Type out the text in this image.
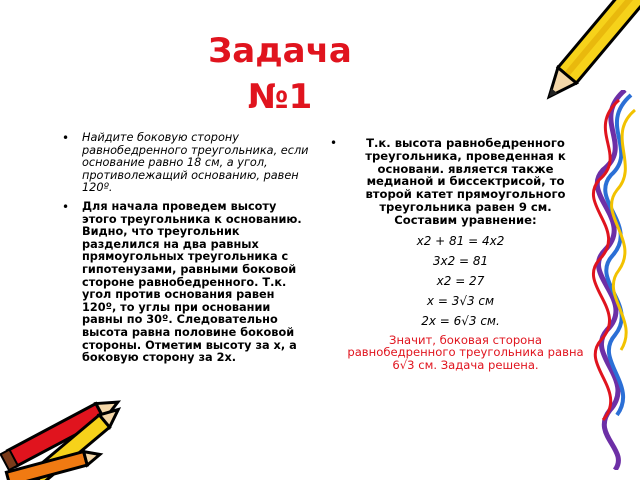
Задача
№1
• Найдите боковую сторону равнобедренного треугольника, если основание равно 18 см, а угол, противолежащий основанию, равен 120º.
• Для начала проведем высоту этого треугольника к основанию. Видно, что треугольник разделился на два равных прямоугольных треугольника с гипотенузами, равными боковой стороне равнобедренного. Т.к. угол против основания равен 120º, то углы при основании равны по 30º. Следовательно высота равна половине боковой стороны. Отметим высоту за x, а боковую сторону за 2x.
•	Т.к. высота равнобедренного треугольника, проведенная к основани. является также медианой и биссектрисой, то второй катет прямоугольного треугольника равен 9 см. Составим уравнение:
x2 + 81 = 4x2
3x2 = 81
x2 = 27
x = 3√3 см
2x = 6√3 см.
Значит, боковая сторона равнобедренного треугольника равна 6√3 см. Задача решена.
